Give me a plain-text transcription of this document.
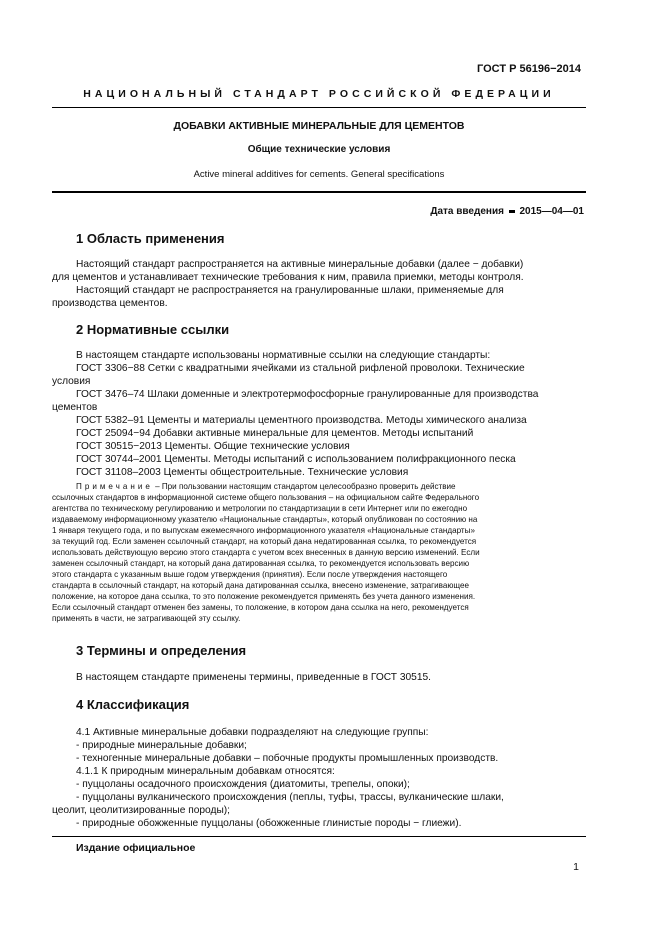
ГОСТ Р 56196−2014
НАЦИОНАЛЬНЫЙ СТАНДАРТ РОССИЙСКОЙ ФЕДЕРАЦИИ
ДОБАВКИ АКТИВНЫЕ МИНЕРАЛЬНЫЕ ДЛЯ ЦЕМЕНТОВ
Общие технические условия
Active mineral additives for cements. General specifications
Дата введения 2015—04—01
1 Область применения
Настоящий стандарт распространяется на активные минеральные добавки (далее − добавки)
для цементов и устанавливает технические требования к ним, правила приемки, методы контроля.
Настоящий стандарт не распространяется на гранулированные шлаки, применяемые для
производства цементов.
2 Нормативные ссылки
В настоящем стандарте использованы нормативные ссылки на следующие стандарты:
ГОСТ 3306−88 Сетки с квадратными ячейками из стальной рифленой проволоки. Технические
условия
ГОСТ 3476–74 Шлаки доменные и электротермофосфорные гранулированные для производства
цементов
ГОСТ 5382–91 Цементы и материалы цементного производства. Методы химического анализа
ГОСТ 25094−94 Добавки активные минеральные для цементов. Методы испытаний
ГОСТ 30515−2013 Цементы. Общие технические условия
ГОСТ 30744–2001 Цементы. Методы испытаний с использованием полифракционного песка
ГОСТ 31108–2003 Цементы общестроительные. Технические условия
Примечание – При пользовании настоящим стандартом целесообразно проверить действие
ссылочных стандартов в информационной системе общего пользования – на официальном сайте Федерального
агентства по техническому регулированию и метрологии по стандартизации в сети Интернет или по ежегодно
издаваемому информационному указателю «Национальные стандарты», который опубликован по состоянию на
1 января текущего года, и по выпускам ежемесячного информационного указателя «Национальные стандарты»
за текущий год. Если заменен ссылочный стандарт, на который дана недатированная ссылка, то рекомендуется
использовать действующую версию этого стандарта с учетом всех внесенных в данную версию изменений. Если
заменен ссылочный стандарт, на который дана датированная ссылка, то рекомендуется использовать версию
этого стандарта с указанным выше годом утверждения (принятия). Если после утверждения настоящего
стандарта в ссылочный стандарт, на который дана датированная ссылка, внесено изменение, затрагивающее
положение, на которое дана ссылка, то это положение рекомендуется применять без учета данного изменения.
Если ссылочный стандарт отменен без замены, то положение, в котором дана ссылка на него, рекомендуется
применять в части, не затрагивающей эту ссылку.
3 Термины и определения
В настоящем стандарте применены термины, приведенные в ГОСТ 30515.
4 Классификация
4.1 Активные минеральные добавки подразделяют на следующие группы:
- природные минеральные добавки;
- техногенные минеральные добавки – побочные продукты промышленных производств.
4.1.1 К природным минеральным добавкам относятся:
- пуццоланы осадочного происхождения (диатомиты, трепелы, опоки);
- пуццоланы вулканического происхождения (пеплы, туфы, трассы, вулканические шлаки,
цеолит, цеолитизированные породы);
- природные обожженные пуццоланы (обожженные глинистые породы − глиежи).
Издание официальное
1
